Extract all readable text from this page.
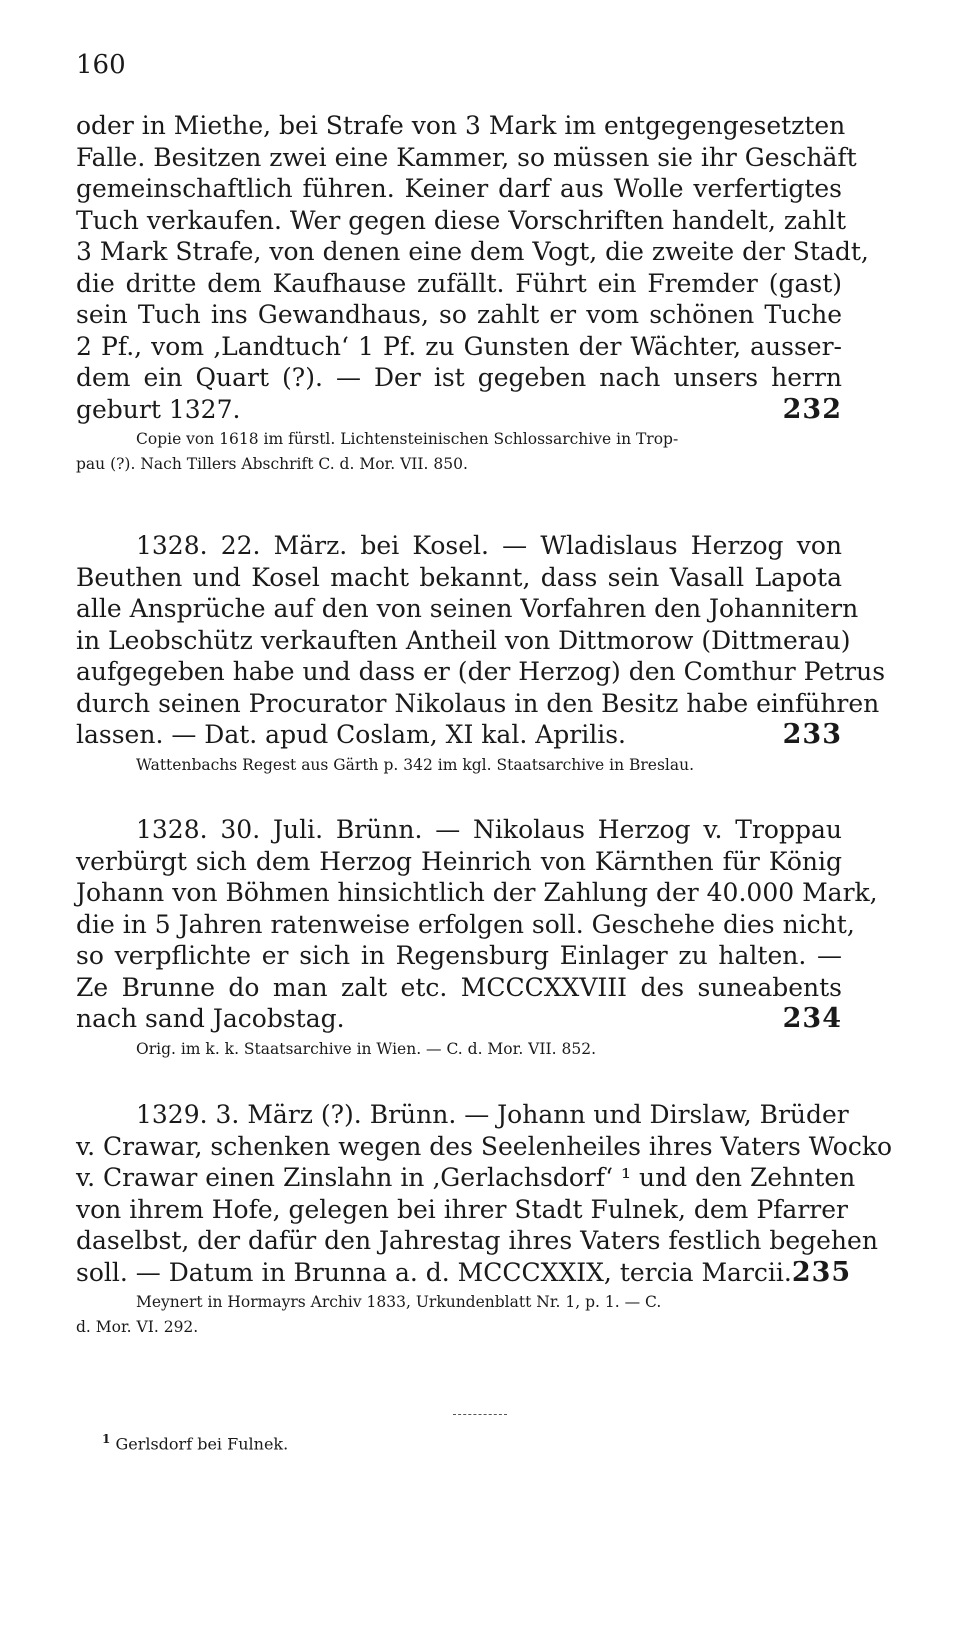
160
oder in Miethe, bei Strafe von 3 Mark im entgegengesetzten
Falle. Besitzen zwei eine Kammer, so müssen sie ihr Geschäft
gemeinschaftlich führen. Keiner darf aus Wolle verfertigtes
Tuch verkaufen. Wer gegen diese Vorschriften handelt, zahlt
3 Mark Strafe, von denen eine dem Vogt, die zweite der Stadt,
die dritte dem Kaufhause zufällt. Führt ein Fremder (gast)
sein Tuch ins Gewandhaus, so zahlt er vom schönen Tuche
2 Pf., vom ‚Landtuch‘ 1 Pf. zu Gunsten der Wächter, ausser-
dem ein Quart (?). — Der ist gegeben nach unsers herrn
geburt 1327.	232
Copie von 1618 im fürstl. Lichtensteinischen Schlossarchive in Trop-
pau (?). Nach Tillers Abschrift C. d. Mor. VII. 850.
1328. 22. März. bei Kosel. — Wladislaus Herzog von
Beuthen und Kosel macht bekannt, dass sein Vasall Lapota
alle Ansprüche auf den von seinen Vorfahren den Johannitern
in Leobschütz verkauften Antheil von Dittmorow (Dittmerau)
aufgegeben habe und dass er (der Herzog) den Comthur Petrus
durch seinen Procurator Nikolaus in den Besitz habe einführen
lassen. — Dat. apud Coslam, XI kal. Aprilis.	233
Wattenbachs Regest aus Gärth p. 342 im kgl. Staatsarchive in Breslau.
1328. 30. Juli. Brünn. — Nikolaus Herzog v. Troppau
verbürgt sich dem Herzog Heinrich von Kärnthen für König
Johann von Böhmen hinsichtlich der Zahlung der 40.000 Mark,
die in 5 Jahren ratenweise erfolgen soll. Geschehe dies nicht,
so verpflichte er sich in Regensburg Einlager zu halten. —
Ze Brunne do man zalt etc. MCCCXXVIII des suneabents
nach sand Jacobstag.	234
Orig. im k. k. Staatsarchive in Wien. — C. d. Mor. VII. 852.
1329. 3. März (?). Brünn. — Johann und Dirslaw, Brüder
v. Crawar, schenken wegen des Seelenheiles ihres Vaters Wocko
v. Crawar einen Zinslahn in ‚Gerlachsdorf‘ ¹ und den Zehnten
von ihrem Hofe, gelegen bei ihrer Stadt Fulnek, dem Pfarrer
daselbst, der dafür den Jahrestag ihres Vaters festlich begehen
soll. — Datum in Brunna a. d. MCCCXXIX, tercia Marcii. 235
Meynert in Hormayrs Archiv 1833, Urkundenblatt Nr. 1, p. 1. — C.
d. Mor. VI. 292.
$^1$ Gerlsdorf bei Fulnek.
